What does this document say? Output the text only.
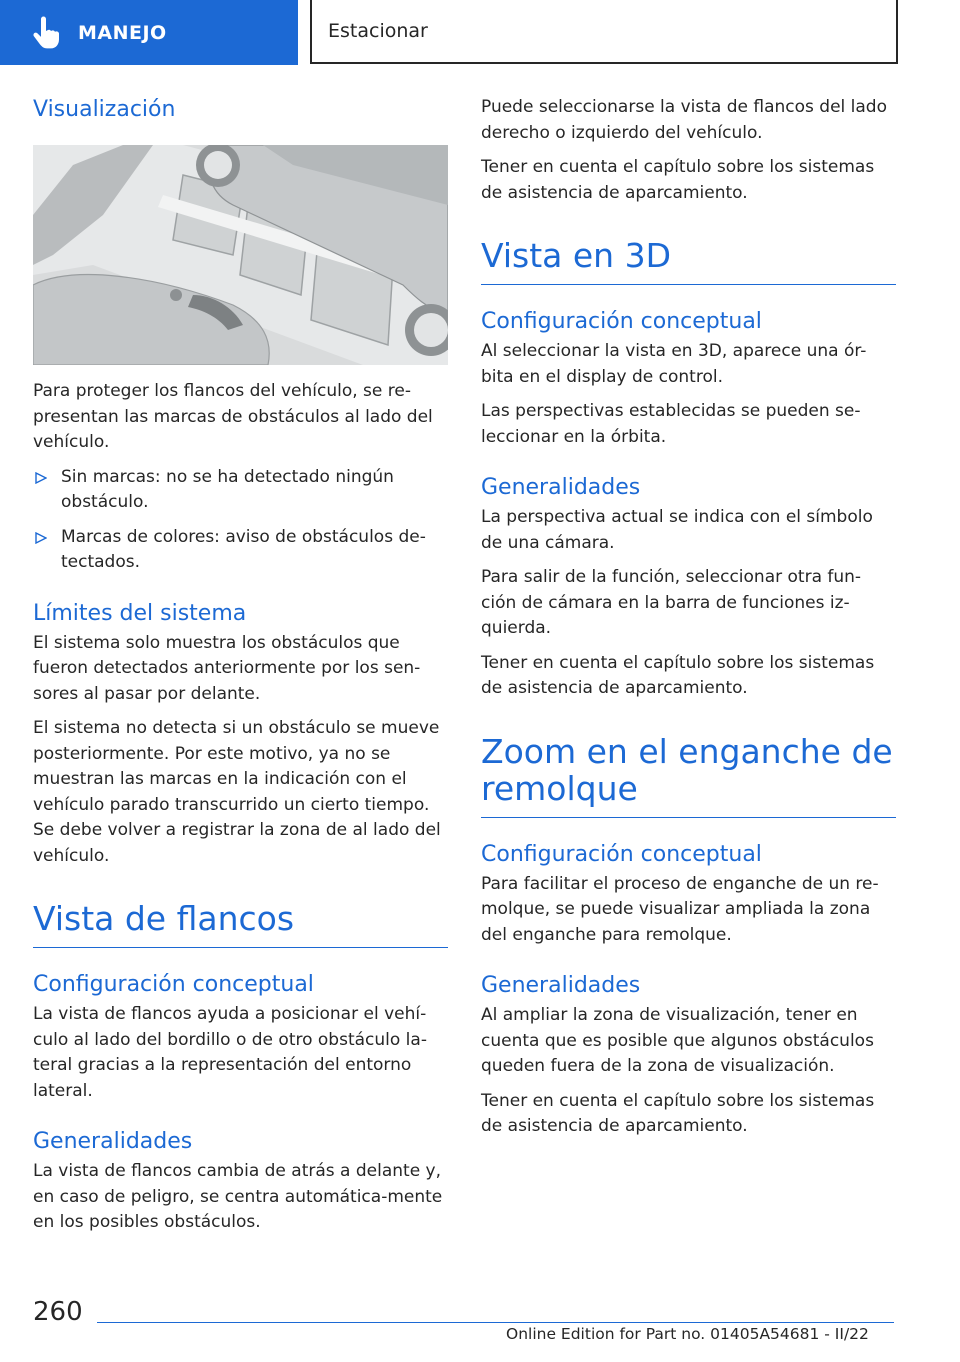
MANEJO	Estacionar
Visualización

Para proteger los flancos del vehículo, se re-presentan las marcas de obstáculos al lado del vehículo.

Sin marcas: no se ha detectado ningún obstáculo.
Marcas de colores: aviso de obstáculos de-tectados.
Límites del sistema

El sistema solo muestra los obstáculos que fueron detectados anteriormente por los sen-sores al pasar por delante.

El sistema no detecta si un obstáculo se mueve posteriormente. Por este motivo, ya no se muestran las marcas en la indicación con el vehículo parado transcurrido un cierto tiempo. Se debe volver a registrar la zona de al lado del vehículo.

Vista de flancos
Configuración conceptual

La vista de flancos ayuda a posicionar el vehí-culo al lado del bordillo o de otro obstáculo la-teral gracias a la representación del entorno lateral.

Generalidades

La vista de flancos cambia de atrás a delante y, en caso de peligro, se centra automática-mente en los posibles obstáculos.

Puede seleccionarse la vista de flancos del lado derecho o izquierdo del vehículo.

Tener en cuenta el capítulo sobre los sistemas de asistencia de aparcamiento.

Vista en 3D
Configuración conceptual

Al seleccionar la vista en 3D, aparece una ór-bita en el display de control.

Las perspectivas establecidas se pueden se-leccionar en la órbita.

Generalidades

La perspectiva actual se indica con el símbolo de una cámara.

Para salir de la función, seleccionar otra fun-ción de cámara en la barra de funciones iz-quierda.

Tener en cuenta el capítulo sobre los sistemas de asistencia de aparcamiento.

Zoom en el enganche de remolque
Configuración conceptual

Para facilitar el proceso de enganche de un re-molque, se puede visualizar ampliada la zona del enganche para remolque.

Generalidades

Al ampliar la zona de visualización, tener en cuenta que es posible que algunos obstáculos queden fuera de la zona de visualización.

Tener en cuenta el capítulo sobre los sistemas de asistencia de aparcamiento.

260
Online Edition for Part no. 01405A54681 - II/22
